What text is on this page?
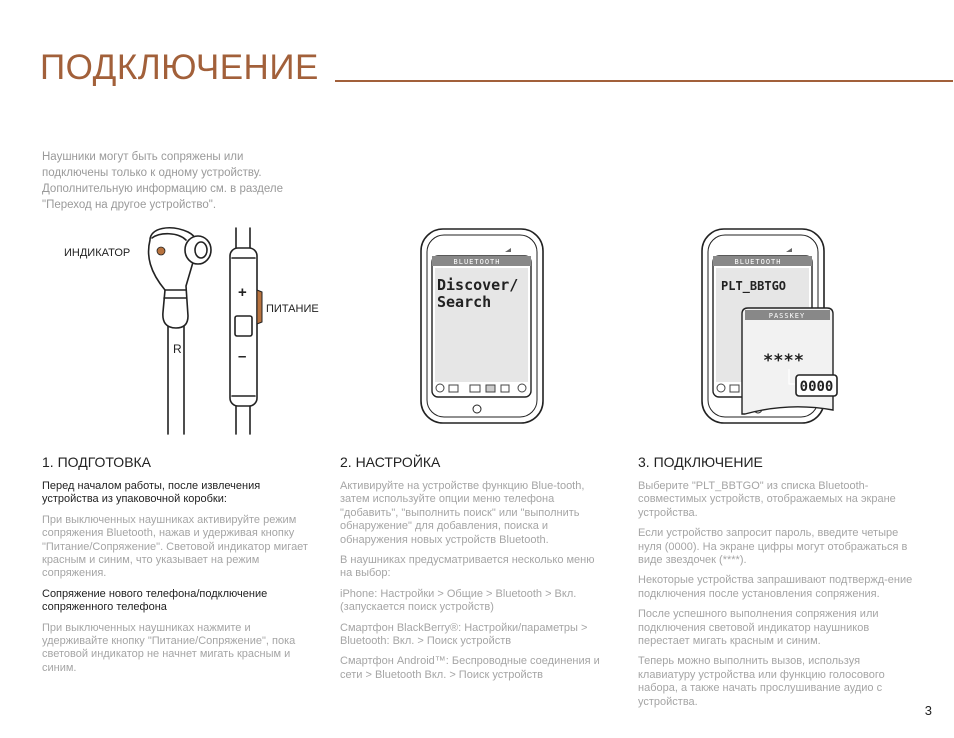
ПОДКЛЮЧЕНИЕ

Наушники могут быть сопряжены или

подключены только к одному устройству.

Дополнительную информацию см. в разделе

"Переход на другое устройство".

ИНДИКАТОР
ПИТАНИЕ
R
+
–
BLUETOOTH
Discover/
Search
BLUETOOTH
PLT_BBTGO
PASSKEY
****
0000
1. ПОДГОТОВКА

Перед началом работы, после извлечения устройства из упаковочной коробки:

При выключенных наушниках активируйте режим сопряжения Bluetooth, нажав и удерживая кнопку "Питание/Сопряжение". Световой индикатор мигает красным и синим, что указывает на режим сопряжения.

Сопряжение нового телефона/подключение сопряженного телефона

При выключенных наушниках нажмите и удерживайте кнопку "Питание/Сопряжение", пока световой индикатор не начнет мигать красным и синим.

2. НАСТРОЙКА

Активируйте на устройстве функцию Blue-tooth, затем используйте опции меню телефона "добавить", "выполнить поиск" или "выполнить обнаружение" для добавления, поиска и обнаружения новых устройств Bluetooth.

В наушниках предусматривается несколько меню на выбор:

iPhone: Настройки > Общие > Bluetooth > Вкл. (запускается поиск устройств)

Смартфон BlackBerry®: Настройки/параметры > Bluetooth: Вкл. > Поиск устройств

Смартфон Android™: Беспроводные соединения и сети > Bluetooth Вкл. > Поиск устройств

3. ПОДКЛЮЧЕНИЕ

Выберите "PLT_BBTGO" из списка Bluetooth-совместимых устройств, отображаемых на экране устройства.

Если устройство запросит пароль, введите четыре нуля (0000). На экране цифры могут отображаться в виде звездочек (****).

Некоторые устройства запрашивают подтвержд-ение подключения после установления сопряжения.

После успешного выполнения сопряжения или подключения световой индикатор наушников перестает мигать красным и синим.

Теперь можно выполнить вызов, используя клавиатуру устройства или функцию голосового набора, а также начать прослушивание аудио с устройства.

3
